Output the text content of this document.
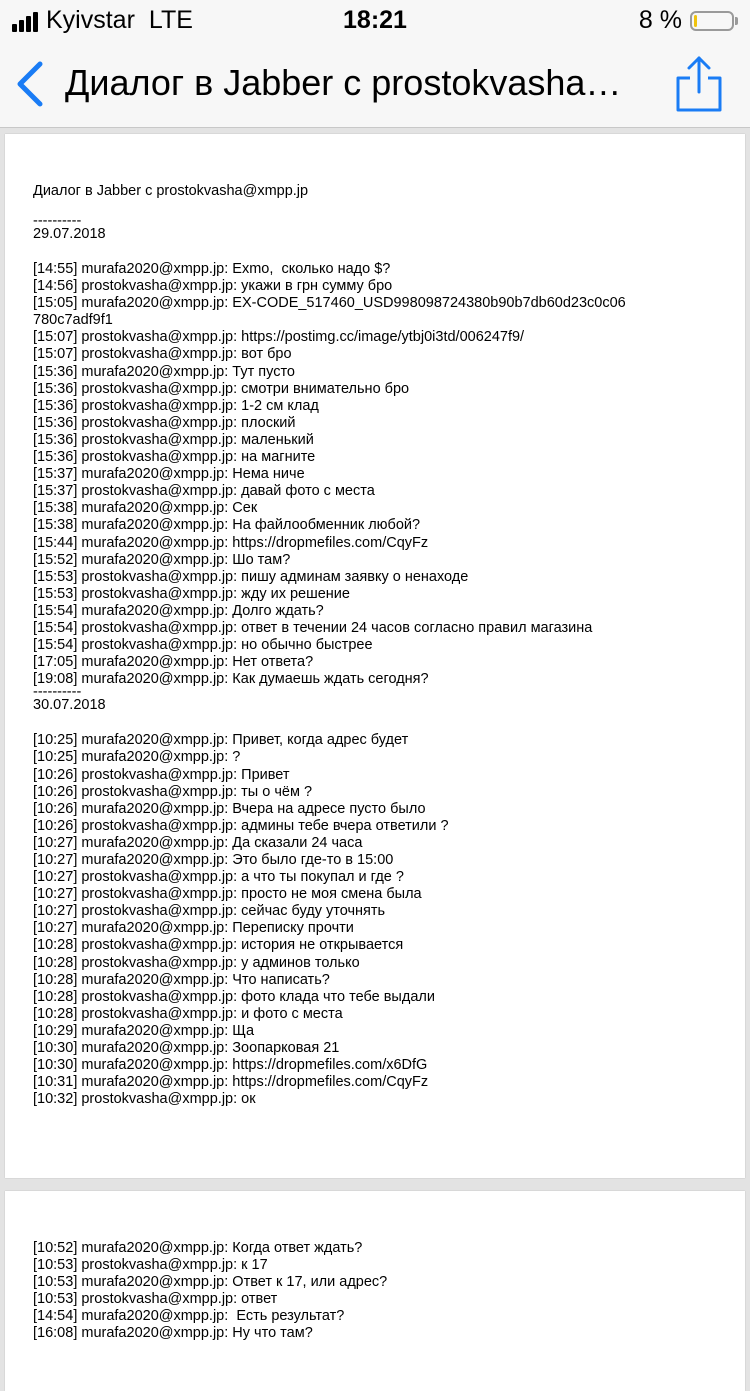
Kyivstar LTE	18:21	8 %
Диалог в Jabber с prostokvasha…
Диалог в Jabber с prostokvasha@xmpp.jp
----------
29.07.2018
[14:55] murafa2020@xmpp.jp: Exmo,  сколько надо $?
[14:56] prostokvasha@xmpp.jp: укажи в грн сумму бро
[15:05] murafa2020@xmpp.jp: EX-CODE_517460_USD998098724380b90b7db60d23c0c06780c7adf9f1
[15:07] prostokvasha@xmpp.jp: https://postimg.cc/image/ytbj0i3td/006247f9/
[15:07] prostokvasha@xmpp.jp: вот бро
[15:36] murafa2020@xmpp.jp: Тут пусто
[15:36] prostokvasha@xmpp.jp: смотри внимательно бро
[15:36] prostokvasha@xmpp.jp: 1-2 см клад
[15:36] prostokvasha@xmpp.jp: плоский
[15:36] prostokvasha@xmpp.jp: маленький
[15:36] prostokvasha@xmpp.jp: на магните
[15:37] murafa2020@xmpp.jp: Нема ниче
[15:37] prostokvasha@xmpp.jp: давай фото с места
[15:38] murafa2020@xmpp.jp: Сек
[15:38] murafa2020@xmpp.jp: На файлообменник любой?
[15:44] murafa2020@xmpp.jp: https://dropmefiles.com/CqyFz
[15:52] murafa2020@xmpp.jp: Шо там?
[15:53] prostokvasha@xmpp.jp: пишу админам заявку о ненаходе
[15:53] prostokvasha@xmpp.jp: жду их решение
[15:54] murafa2020@xmpp.jp: Долго ждать?
[15:54] prostokvasha@xmpp.jp: ответ в течении 24 часов согласно правил магазина
[15:54] prostokvasha@xmpp.jp: но обычно быстрее
[17:05] murafa2020@xmpp.jp: Нет ответа?
[19:08] murafa2020@xmpp.jp: Как думаешь ждать сегодня?
----------
30.07.2018
[10:25] murafa2020@xmpp.jp: Привет, когда адрес будет
[10:25] murafa2020@xmpp.jp: ?
[10:26] prostokvasha@xmpp.jp: Привет
[10:26] prostokvasha@xmpp.jp: ты о чём ?
[10:26] murafa2020@xmpp.jp: Вчера на адресе пусто было
[10:26] prostokvasha@xmpp.jp: админы тебе вчера ответили ?
[10:27] murafa2020@xmpp.jp: Да сказали 24 часа
[10:27] murafa2020@xmpp.jp: Это было где-то в 15:00
[10:27] prostokvasha@xmpp.jp: а что ты покупал и где ?
[10:27] prostokvasha@xmpp.jp: просто не моя смена была
[10:27] prostokvasha@xmpp.jp: сейчас буду уточнять
[10:27] murafa2020@xmpp.jp: Переписку прочти
[10:28] prostokvasha@xmpp.jp: история не открывается
[10:28] prostokvasha@xmpp.jp: у админов только
[10:28] murafa2020@xmpp.jp: Что написать?
[10:28] prostokvasha@xmpp.jp: фото клада что тебе выдали
[10:28] prostokvasha@xmpp.jp: и фото с места
[10:29] murafa2020@xmpp.jp: Ща
[10:30] murafa2020@xmpp.jp: Зоопарковая 21
[10:30] murafa2020@xmpp.jp: https://dropmefiles.com/x6DfG
[10:31] murafa2020@xmpp.jp: https://dropmefiles.com/CqyFz
[10:32] prostokvasha@xmpp.jp: ок
[10:52] murafa2020@xmpp.jp: Когда ответ ждать?
[10:53] prostokvasha@xmpp.jp: к 17
[10:53] murafa2020@xmpp.jp: Ответ к 17, или адрес?
[10:53] prostokvasha@xmpp.jp: ответ
[14:54] murafa2020@xmpp.jp:  Есть результат?
[16:08] murafa2020@xmpp.jp: Ну что там?
